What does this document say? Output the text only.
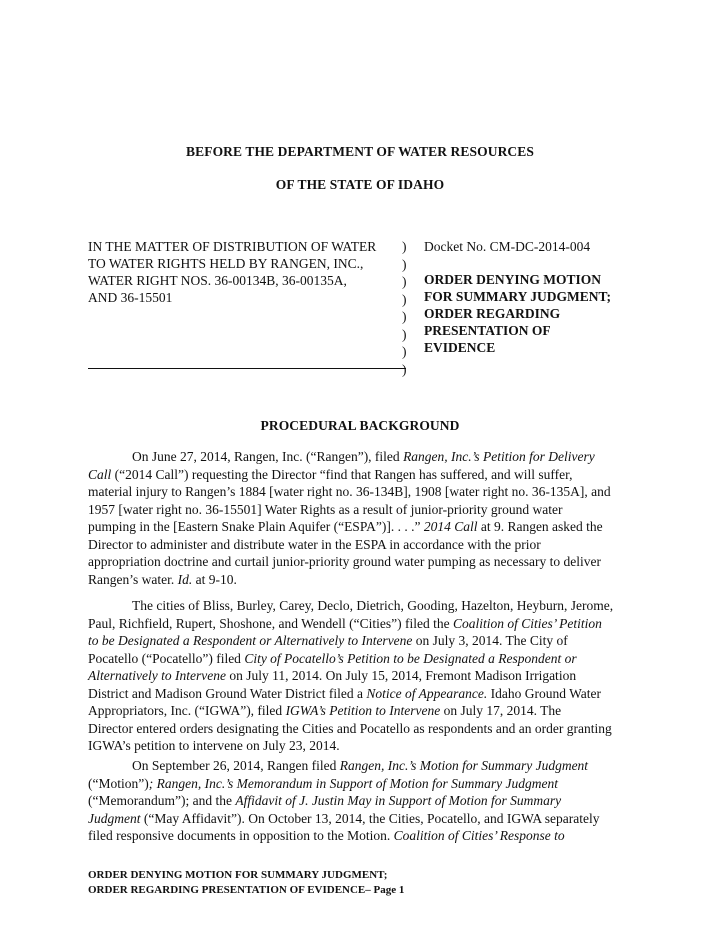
BEFORE THE DEPARTMENT OF WATER RESOURCES
OF THE STATE OF IDAHO
IN THE MATTER OF DISTRIBUTION OF WATER
TO WATER RIGHTS HELD BY RANGEN, INC.,
WATER RIGHT NOS. 36-00134B, 36-00135A,
AND 36-15501
)
)
)
)
)
)
)
)
Docket No. CM-DC-2014-004
ORDER DENYING MOTION
FOR SUMMARY JUDGMENT;
ORDER REGARDING
PRESENTATION OF
EVIDENCE
PROCEDURAL BACKGROUND
On June 27, 2014, Rangen, Inc. (“Rangen”), filed Rangen, Inc.’s Petition for Delivery
Call (“2014 Call”) requesting the Director “find that Rangen has suffered, and will suffer,
material injury to Rangen’s 1884 [water right no. 36-134B], 1908 [water right no. 36-135A], and
1957 [water right no. 36-15501] Water Rights as a result of junior-priority ground water
pumping in the [Eastern Snake Plain Aquifer (“ESPA”)]. . . .” 2014 Call at 9. Rangen asked the
Director to administer and distribute water in the ESPA in accordance with the prior
appropriation doctrine and curtail junior-priority ground water pumping as necessary to deliver
Rangen’s water. Id. at 9-10.
The cities of Bliss, Burley, Carey, Declo, Dietrich, Gooding, Hazelton, Heyburn, Jerome,
Paul, Richfield, Rupert, Shoshone, and Wendell (“Cities”) filed the Coalition of Cities’ Petition
to be Designated a Respondent or Alternatively to Intervene on July 3, 2014. The City of
Pocatello (“Pocatello”) filed City of Pocatello’s Petition to be Designated a Respondent or
Alternatively to Intervene on July 11, 2014. On July 15, 2014, Fremont Madison Irrigation
District and Madison Ground Water District filed a Notice of Appearance. Idaho Ground Water
Appropriators, Inc. (“IGWA”), filed IGWA’s Petition to Intervene on July 17, 2014. The
Director entered orders designating the Cities and Pocatello as respondents and an order granting
IGWA’s petition to intervene on July 23, 2014.
On September 26, 2014, Rangen filed Rangen, Inc.’s Motion for Summary Judgment
(“Motion”); Rangen, Inc.’s Memorandum in Support of Motion for Summary Judgment
(“Memorandum”); and the Affidavit of J. Justin May in Support of Motion for Summary
Judgment (“May Affidavit”). On October 13, 2014, the Cities, Pocatello, and IGWA separately
filed responsive documents in opposition to the Motion. Coalition of Cities’ Response to
ORDER DENYING MOTION FOR SUMMARY JUDGMENT;
ORDER REGARDING PRESENTATION OF EVIDENCE– Page 1
